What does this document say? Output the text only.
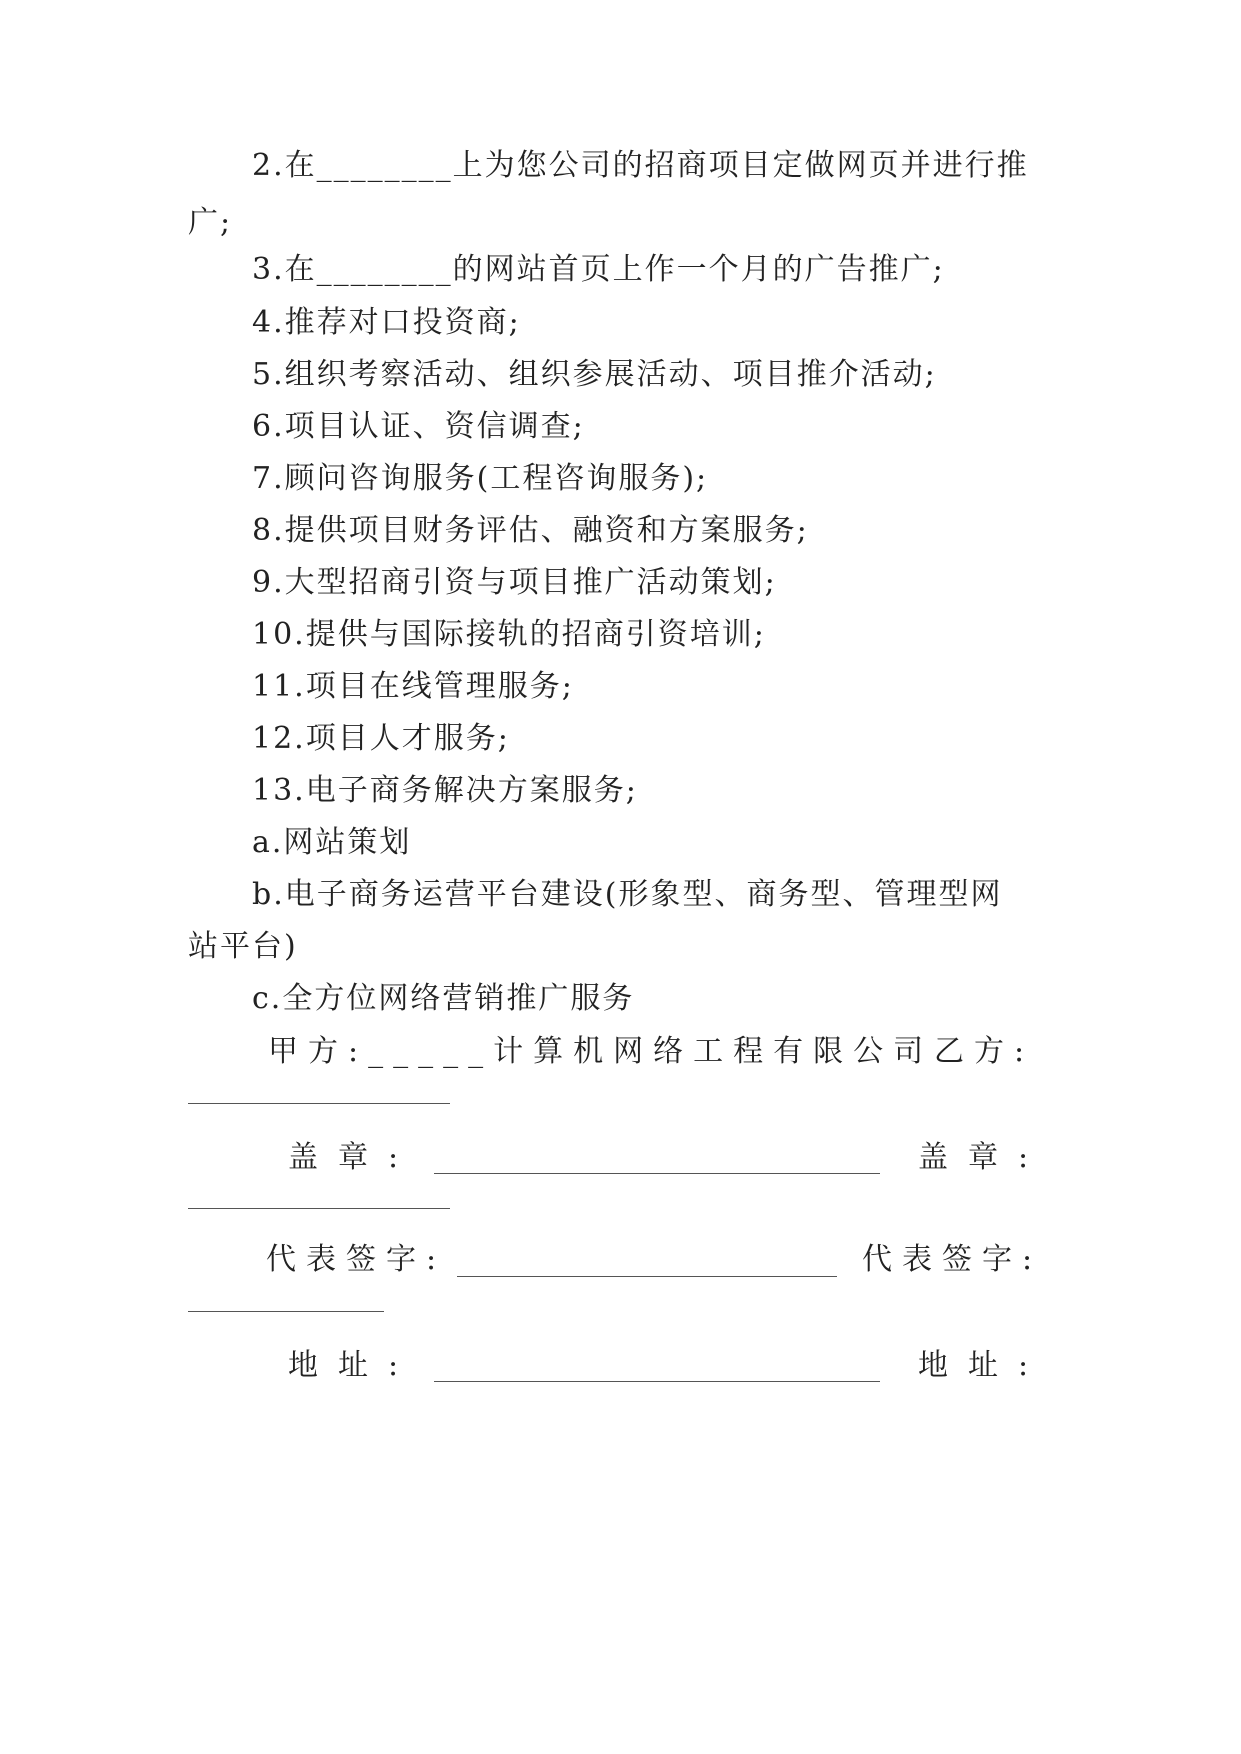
2.在________上为您公司的招商项目定做网页并进行推
广;
3.在________的网站首页上作一个月的广告推广;
4.推荐对口投资商;
5.组织考察活动、组织参展活动、项目推介活动;
6.项目认证、资信调查;
7.顾问咨询服务(工程咨询服务);
8.提供项目财务评估、融资和方案服务;
9.大型招商引资与项目推广活动策划;
10.提供与国际接轨的招商引资培训;
11.项目在线管理服务;
12.项目人才服务;
13.电子商务解决方案服务;
a.网站策划
b.电子商务运营平台建设(形象型、商务型、管理型网
站平台)
c.全方位网络营销推广服务
甲方:_____计算机网络工程有限公司 乙方:
盖章:	盖章:
代表签字:	代表签字:
地址:	地址:
